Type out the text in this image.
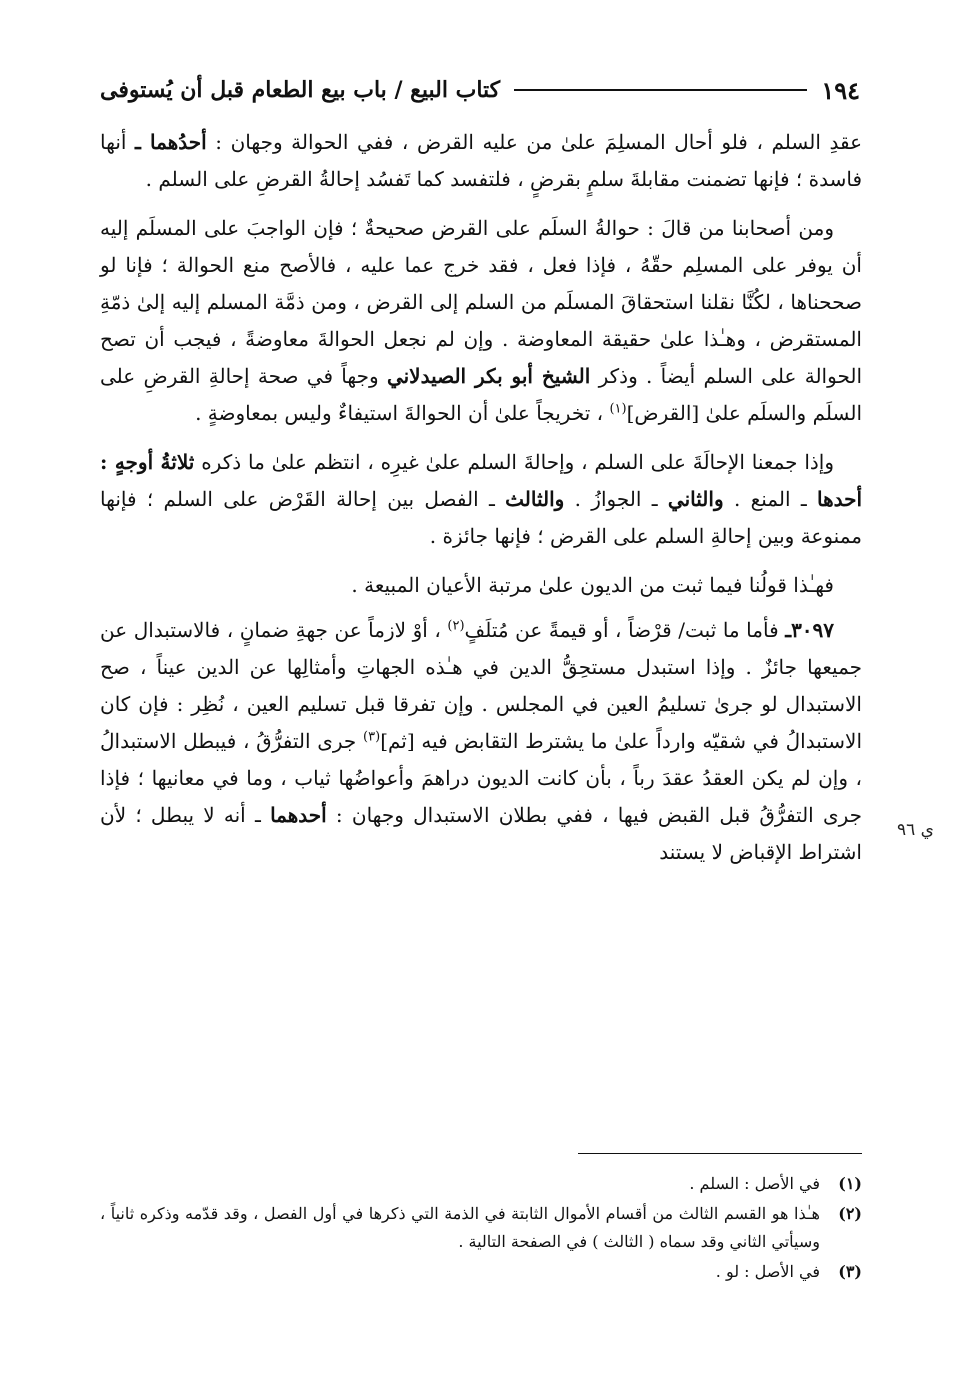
١٩٤
كتاب البيع / باب بيع الطعام قبل أن يُستوفى
ي ٩٦

عقدِ السلم ، فلو أحال المسلِمَ علىٰ من عليه القرض ، ففي الحوالة وجهان : أحدُهما ـ أنها فاسدة ؛ فإنها تضمنت مقابلةَ سلمٍ بقرضٍ ، فلتفسد كما تَفسُد إحالةُ القرضِ على السلم .

ومن أصحابنا من قالَ : حوالةُ السلَم على القرض صحيحةٌ ؛ فإن الواجبَ على المسلَم إليه أن يوفر على المسلِم حقّهُ ، فإذا فعل ، فقد خرج عما عليه ، فالأصح منع الحوالة ؛ فإنا لو صححناها ، لكُنَّا نقلنا استحقاقَ المسلَم من السلم إلى القرض ، ومن ذمَّة المسلم إليه إلىٰ ذمّةِ المستقرض ، وهـٰذا علىٰ حقيقة المعاوضة . وإن لم نجعل الحوالةَ معاوضةً ، فيجب أن تصح الحوالة على السلم أيضاً . وذكر الشيخ أبو بكر الصيدلاني وجهاً في صحة إحالةِ القرضِ على السلَم والسلَم علىٰ [القرض]$^{(١)}$ ، تخريجاً علىٰ أن الحوالةَ استيفاءٌ وليس بمعاوضةٍ .

وإذا جمعنا الإحالَةَ على السلم ، وإحالةَ السلم علىٰ غيرِه ، انتظم علىٰ ما ذكره ثلاثةُ أوجهٍ : أحدها ـ المنع . والثاني ـ الجوازُ . والثالث ـ الفصل بين إحالة القَرْض على السلم ؛ فإنها ممنوعة وبين إحالةِ السلم على القرض ؛ فإنها جائزة .

فهـٰذا قولُنا فيما ثبت من الديون علىٰ مرتبة الأعيان المبيعة .

٣٠٩٧ـ فأما ما ثبت/ قرْضاً ، أو قيمةً عن مُتلَفٍ$^{(٢)}$ ، أوْ لازماً عن جهةِ ضمانٍ ، فالاستبدال عن جميعها جائزٌ . وإذا استبدل مستحِقُّ الدين في هـٰذه الجهاتِ وأمثالِها عن الدين عيناً ، صح الاستبدال لو جرىٰ تسليمُ العين في المجلس . وإن تفرقا قبل تسليم العين ، نُظِر : فإن كان الاستبدالُ في شقيّه وارداً علىٰ ما يشترط التقابض فيه [ثم]$^{(٣)}$ جرى التفرُّقُ ، فيبطل الاستبدالُ ، وإن لم يكن العقدُ عقدَ رباً ، بأن كانت الديون دراهمَ وأعواضُها ثياب ، وما في معانيها ؛ فإذا جرى التفرُّقُ قبل القبض فيها ، ففي بطلان الاستبدال وجهان : أحدهما ـ أنه لا يبطل ؛ لأن اشتراط الإقباض لا يستند

(١)
في الأصل : السلم .
(٢)
هـٰذا هو القسم الثالث من أقسام الأموال الثابتة في الذمة التي ذكرها في أول الفصل ، وقد قدّمه وذكره ثانياً ، وسيأتي الثاني وقد سماه ( الثالث ) في الصفحة التالية .
(٣)
في الأصل : لو .
